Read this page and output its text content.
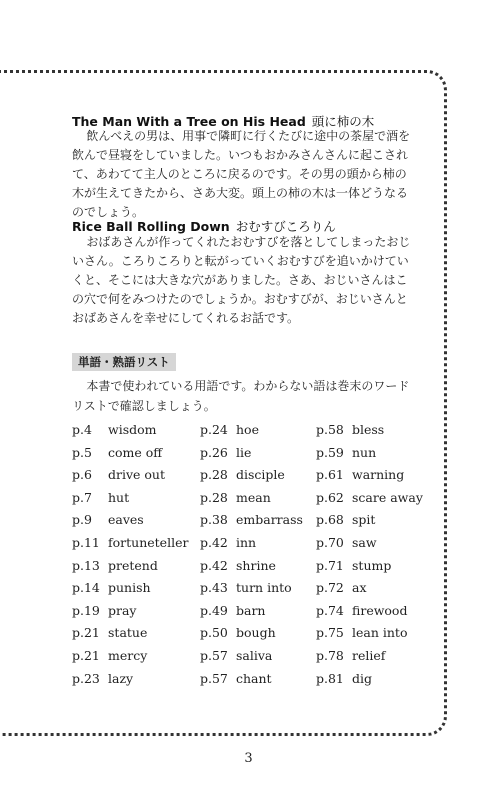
The Man With a Tree on His Head 頭に柿の木
飲んべえの男は、用事で隣町に行くたびに途中の茶屋で酒を飲んで昼寝をしていました。いつもおかみさんさんに起こされて、あわてて主人のところに戻るのです。その男の頭から柿の木が生えてきたから、さあ大変。頭上の柿の木は一体どうなるのでしょう。
Rice Ball Rolling Down おむすびころりん
おばあさんが作ってくれたおむすびを落としてしまったおじいさん。ころりころりと転がっていくおむすびを追いかけていくと、そこには大きな穴がありました。さあ、おじいさんはこの穴で何をみつけたのでしょうか。おむすびが、おじいさんとおばあさんを幸せにしてくれるお話です。
単語・熟語リスト
本書で使われている用語です。わからない語は巻末のワードリストで確認しましょう。
p.4 wisdom
p.5 come off
p.6 drive out
p.7 hut
p.9 eaves
p.11 fortuneteller
p.13 pretend
p.14 punish
p.19 pray
p.21 statue
p.21 mercy
p.23 lazy
p.24 hoe
p.26 lie
p.28 disciple
p.28 mean
p.38 embarrass
p.42 inn
p.42 shrine
p.43 turn into
p.49 barn
p.50 bough
p.57 saliva
p.57 chant
p.58 bless
p.59 nun
p.61 warning
p.62 scare away
p.68 spit
p.70 saw
p.71 stump
p.72 ax
p.74 firewood
p.75 lean into
p.78 relief
p.81 dig
3
